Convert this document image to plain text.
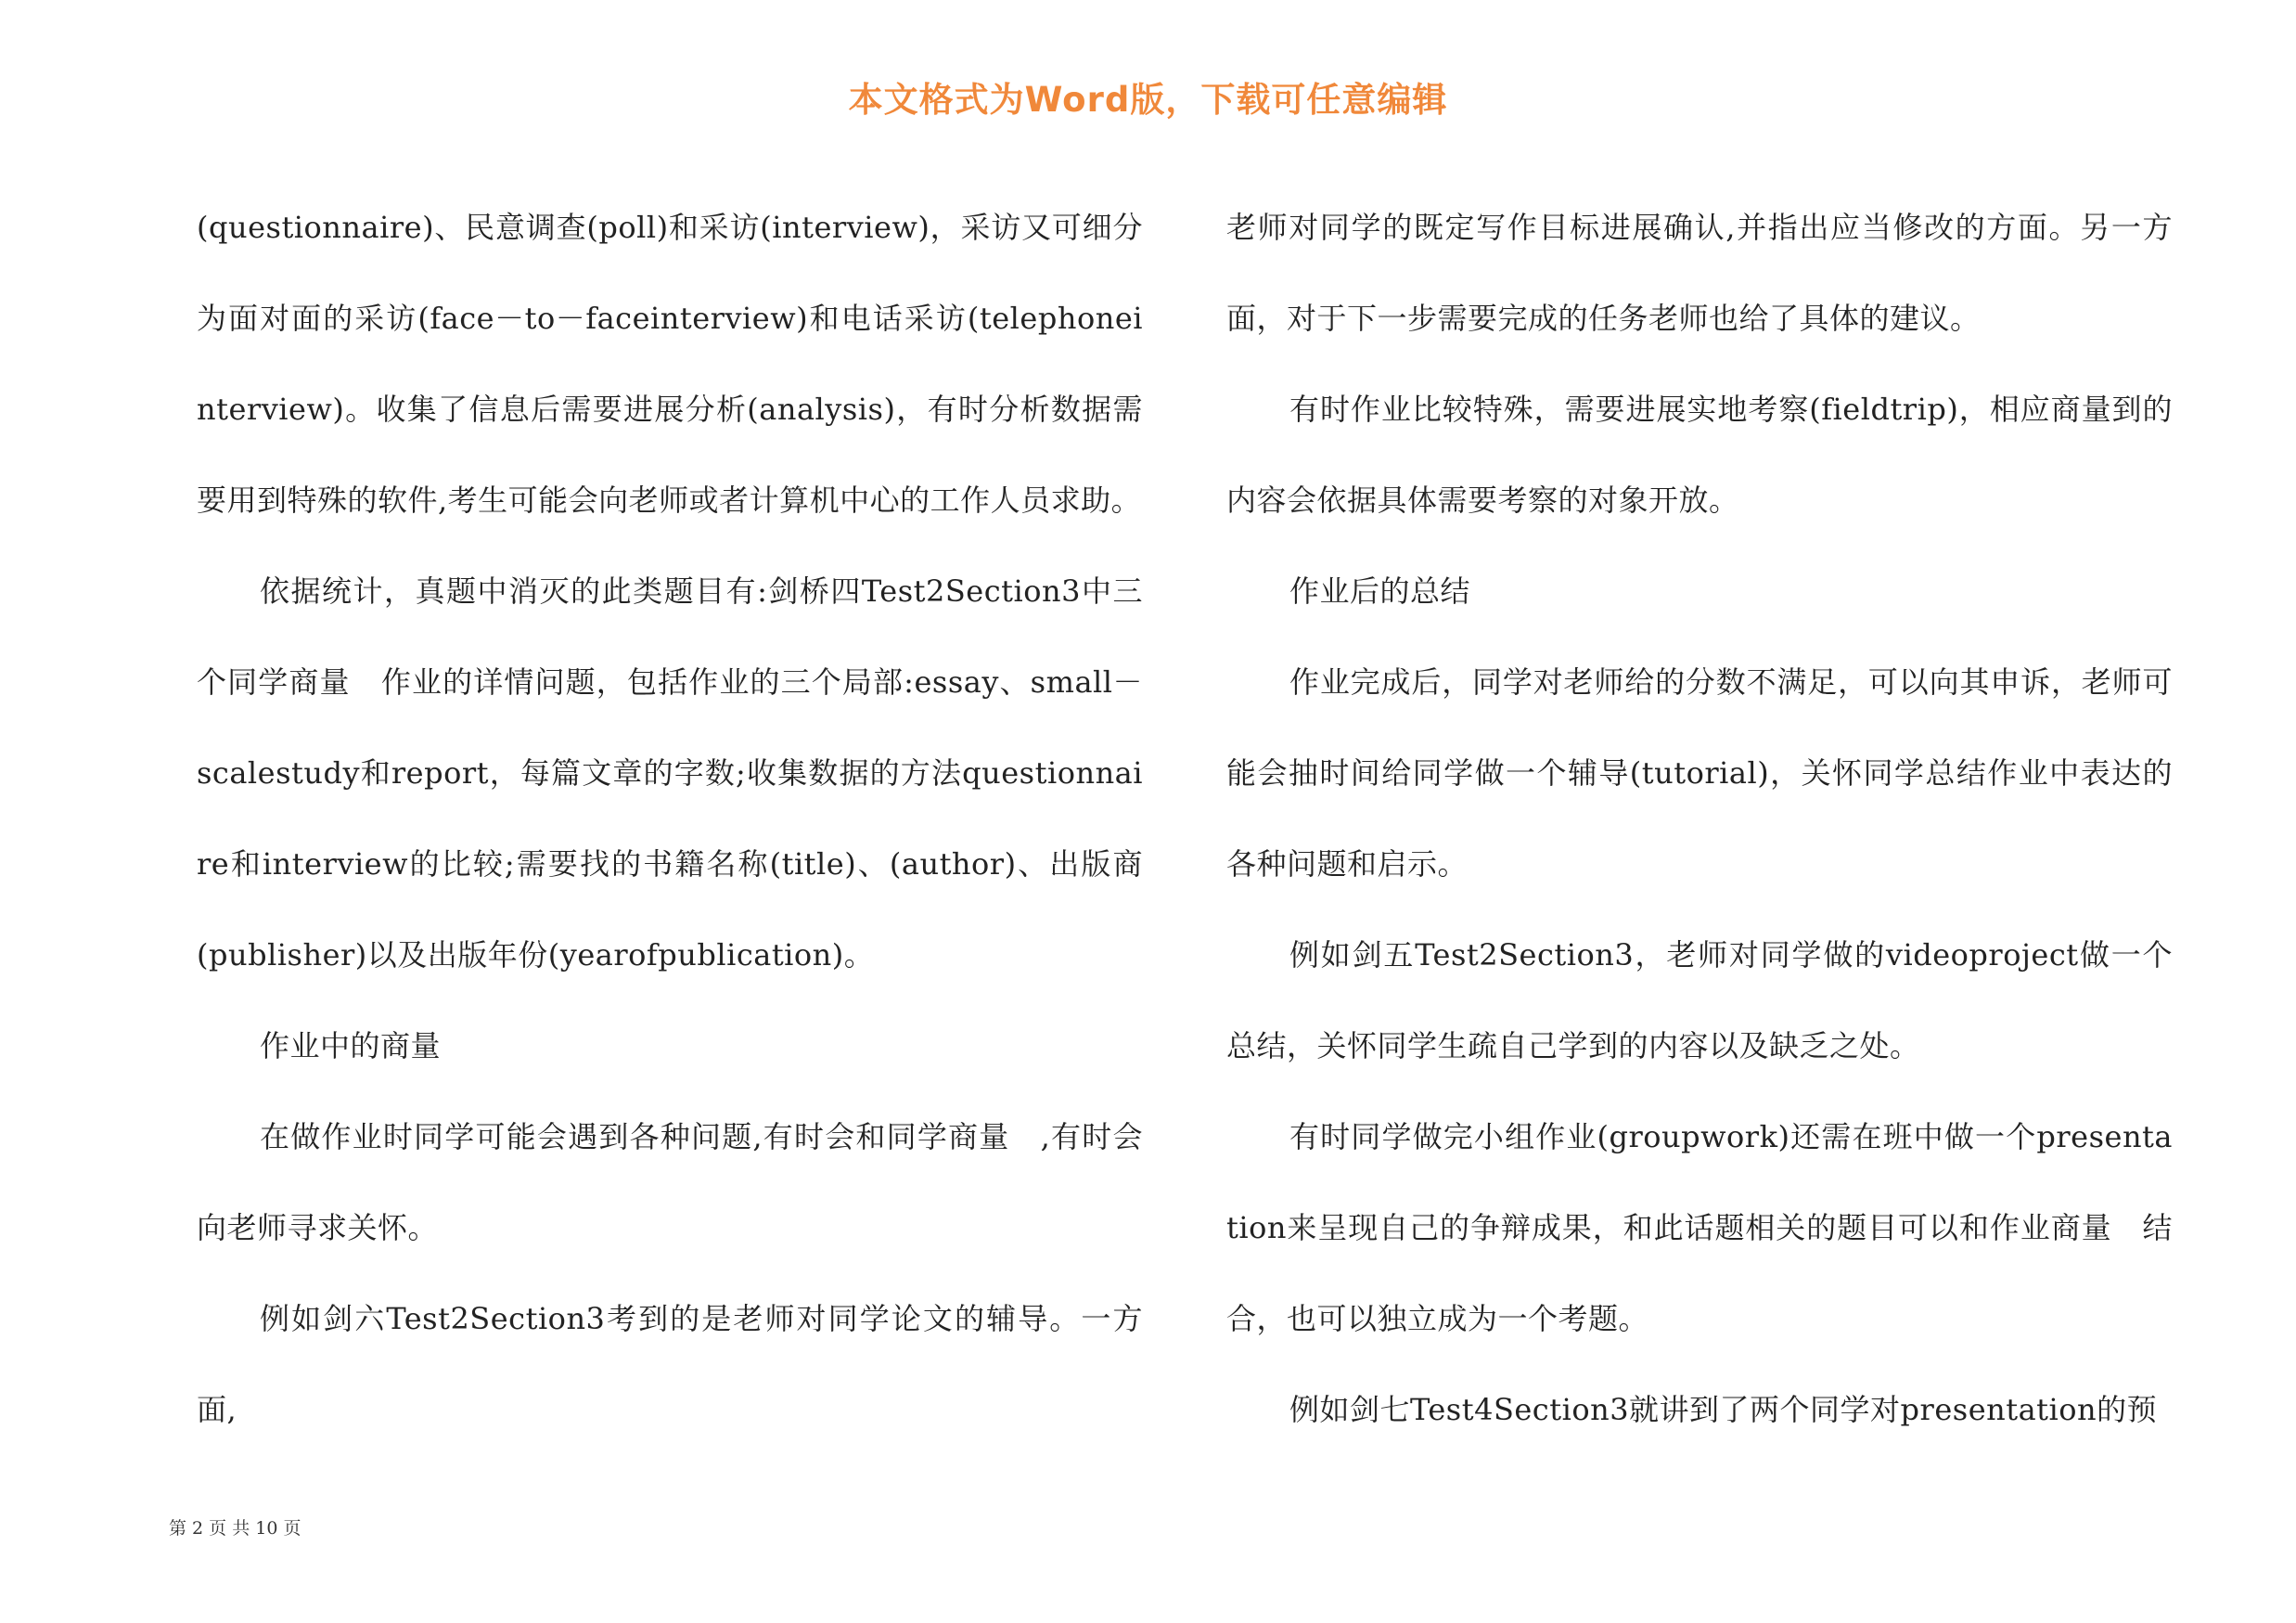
本文格式为Word版，下载可任意编辑

(questionnaire)、民意调查(poll)和采访(interview)，采访又可细分为面对面的采访(face－to－faceinterview)和电话采访(telephoneinterview)。收集了信息后需要进展分析(analysis)，有时分析数据需要用到特殊的软件,考生可能会向老师或者计算机中心的工作人员求助。

依据统计，真题中消灭的此类题目有:剑桥四Test2Section3中三个同学商量　作业的详情问题，包括作业的三个局部:essay、small－scalestudy和report，每篇文章的字数;收集数据的方法questionnaire和interview的比较;需要找的书籍名称(title)、(author)、出版商(publisher)以及出版年份(yearofpublication)。

作业中的商量

在做作业时同学可能会遇到各种问题,有时会和同学商量　,有时会向老师寻求关怀。

例如剑六Test2Section3考到的是老师对同学论文的辅导。一方面,

老师对同学的既定写作目标进展确认,并指出应当修改的方面。另一方面，对于下一步需要完成的任务老师也给了具体的建议。

有时作业比较特殊，需要进展实地考察(fieldtrip)，相应商量到的内容会依据具体需要考察的对象开放。

作业后的总结

作业完成后，同学对老师给的分数不满足，可以向其申诉，老师可能会抽时间给同学做一个辅导(tutorial)，关怀同学总结作业中表达的各种问题和启示。

例如剑五Test2Section3，老师对同学做的videoproject做一个总结，关怀同学生疏自己学到的内容以及缺乏之处。

有时同学做完小组作业(groupwork)还需在班中做一个presentation来呈现自己的争辩成果，和此话题相关的题目可以和作业商量　结合，也可以独立成为一个考题。

例如剑七Test4Section3就讲到了两个同学对presentation的预

第 2 页 共 10 页
